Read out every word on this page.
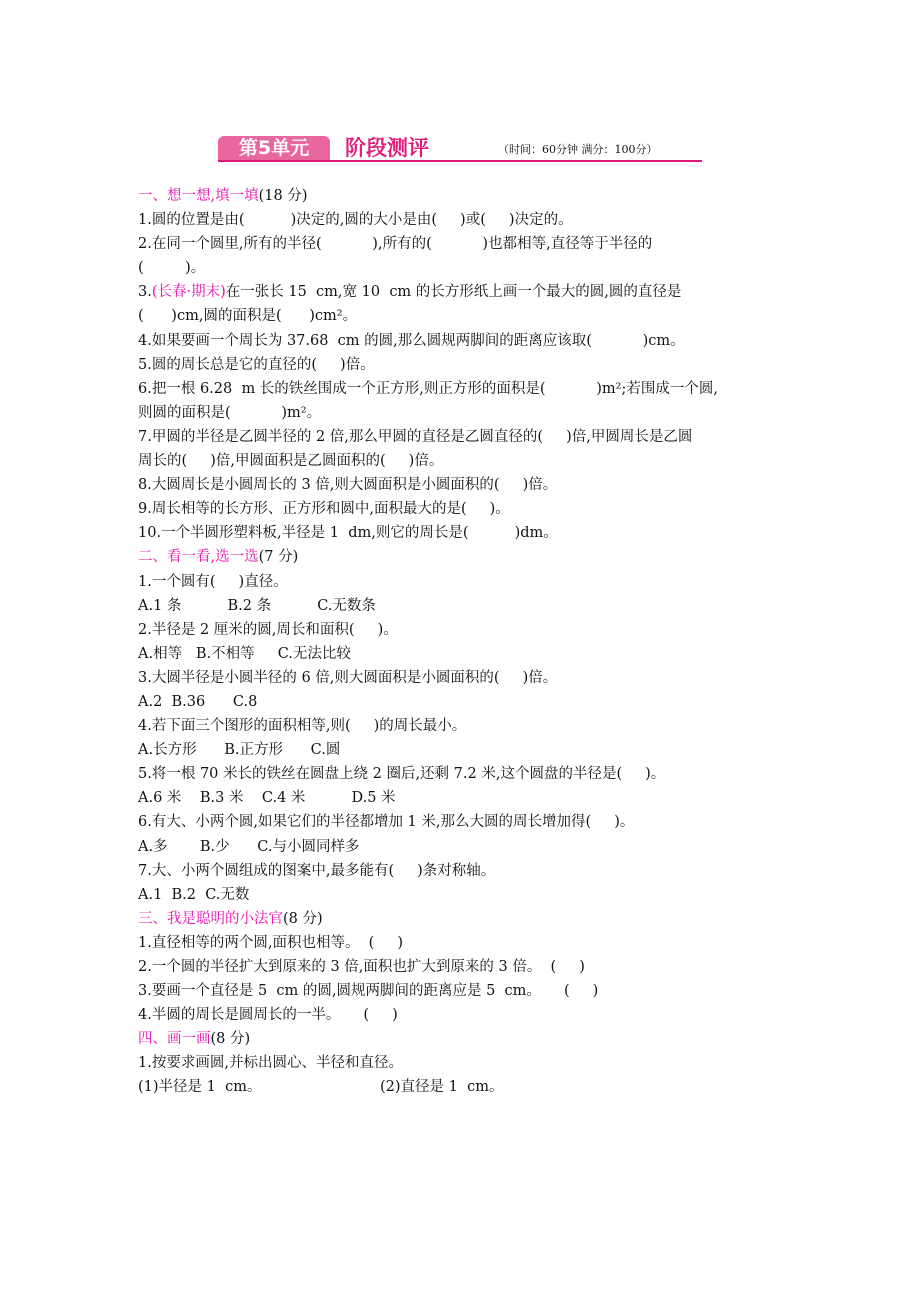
第5单元	阶段测评	（时间：60分钟 满分：100分）
一、想一想,填一填(18 分)
1.圆的位置是由(          )决定的,圆的大小是由(     )或(     )决定的。
2.在同一个圆里,所有的半径(           ),所有的(           )也都相等,直径等于半径的
(         )。
3.(长春·期末)在一张长 15  cm,宽 10  cm 的长方形纸上画一个最大的圆,圆的直径是
(      )cm,圆的面积是(      )cm²。
4.如果要画一个周长为 37.68  cm 的圆,那么圆规两脚间的距离应该取(           )cm。
5.圆的周长总是它的直径的(     )倍。
6.把一根 6.28  m 长的铁丝围成一个正方形,则正方形的面积是(           )m²;若围成一个圆,
则圆的面积是(           )m²。
7.甲圆的半径是乙圆半径的 2 倍,那么甲圆的直径是乙圆直径的(     )倍,甲圆周长是乙圆
周长的(     )倍,甲圆面积是乙圆面积的(     )倍。
8.大圆周长是小圆周长的 3 倍,则大圆面积是小圆面积的(     )倍。
9.周长相等的长方形、正方形和圆中,面积最大的是(     )。
10.一个半圆形塑料板,半径是 1  dm,则它的周长是(          )dm。
二、看一看,选一选(7 分)
1.一个圆有(     )直径。
A.1 条          B.2 条          C.无数条
2.半径是 2 厘米的圆,周长和面积(     )。
A.相等   B.不相等     C.无法比较
3.大圆半径是小圆半径的 6 倍,则大圆面积是小圆面积的(     )倍。
A.2  B.36      C.8
4.若下面三个图形的面积相等,则(     )的周长最小。
A.长方形      B.正方形      C.圆
5.将一根 70 米长的铁丝在圆盘上绕 2 圈后,还剩 7.2 米,这个圆盘的半径是(     )。
A.6 米    B.3 米    C.4 米          D.5 米
6.有大、小两个圆,如果它们的半径都增加 1 米,那么大圆的周长增加得(     )。
A.多       B.少      C.与小圆同样多
7.大、小两个圆组成的图案中,最多能有(     )条对称轴。
A.1  B.2  C.无数
三、我是聪明的小法官(8 分)
1.直径相等的两个圆,面积也相等。  (     )
2.一个圆的半径扩大到原来的 3 倍,面积也扩大到原来的 3 倍。  (     )
3.要画一个直径是 5  cm 的圆,圆规两脚间的距离应是 5  cm。     (     )
4.半圆的周长是圆周长的一半。     (     )
四、画一画(8 分)
1.按要求画圆,并标出圆心、半径和直径。
(1)半径是 1  cm。	(2)直径是 1  cm。
